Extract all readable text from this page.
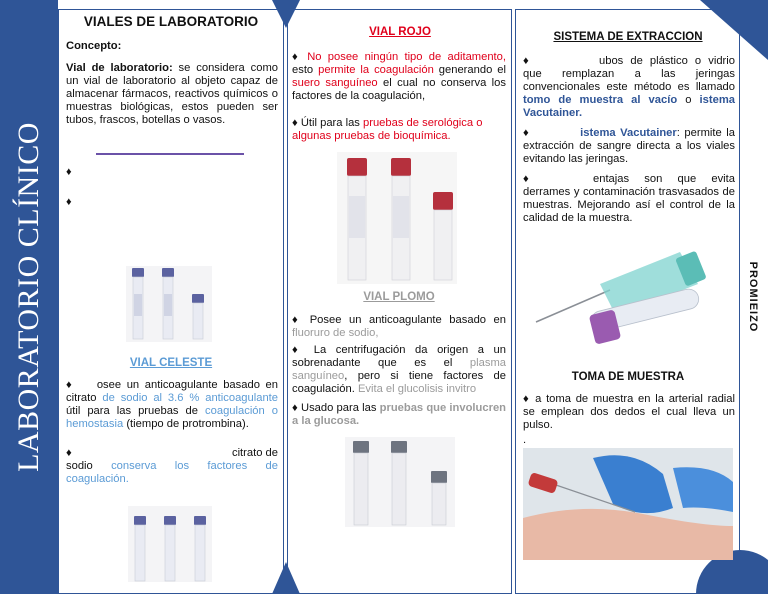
LABORATORIO CLÍNICO	PROMIEIZO
VIALES DE LABORATORIO
Concepto:
Vial de laboratorio: se considera como un vial de laboratorio al objeto capaz de almacenar fármacos, reactivos químicos o muestras biológicas, estos pueden ser tubos, frascos, botellas o vasos.
♦
♦
VIAL CELESTE
♦ osee un anticoagulante basado en citrato de sodio al 3.6 % anticoagulante útil para las pruebas de coagulación o hemostasia (tiempo de protrombina).
♦	citrato de
sodio conserva los factores de coagulación.
VIAL ROJO
♦ No posee ningún tipo de aditamento, esto permite la coagulación generando el suero sanguíneo el cual no conserva los factores de la coagulación,
♦ Útil para las pruebas de serológica o algunas pruebas de bioquímica.
VIAL PLOMO
♦ Posee un anticoagulante basado en fluoruro de sodio,
♦ La centrifugación da origen a un sobrenadante que es el plasma sanguíneo, pero si tiene factores de coagulación. Evita el glucolisis invitro
♦ Usado para las pruebas que involucren a la glucosa.
SISTEMA DE EXTRACCION
♦	ubos de plástico o vidrio que remplazan a las jeringas convencionales este método es llamado tomo de muestra al vacío o istema Vacutainer.
♦	istema Vacutainer: permite la extracción de sangre directa a los viales evitando las jeringas.
♦	entajas son que evita derrames y contaminación trasvasados de muestras. Mejorando así el control de la calidad de la muestra.
TOMA DE MUESTRA
♦ a toma de muestra en la arterial radial se emplean dos dedos el cual lleva un pulso.
.
